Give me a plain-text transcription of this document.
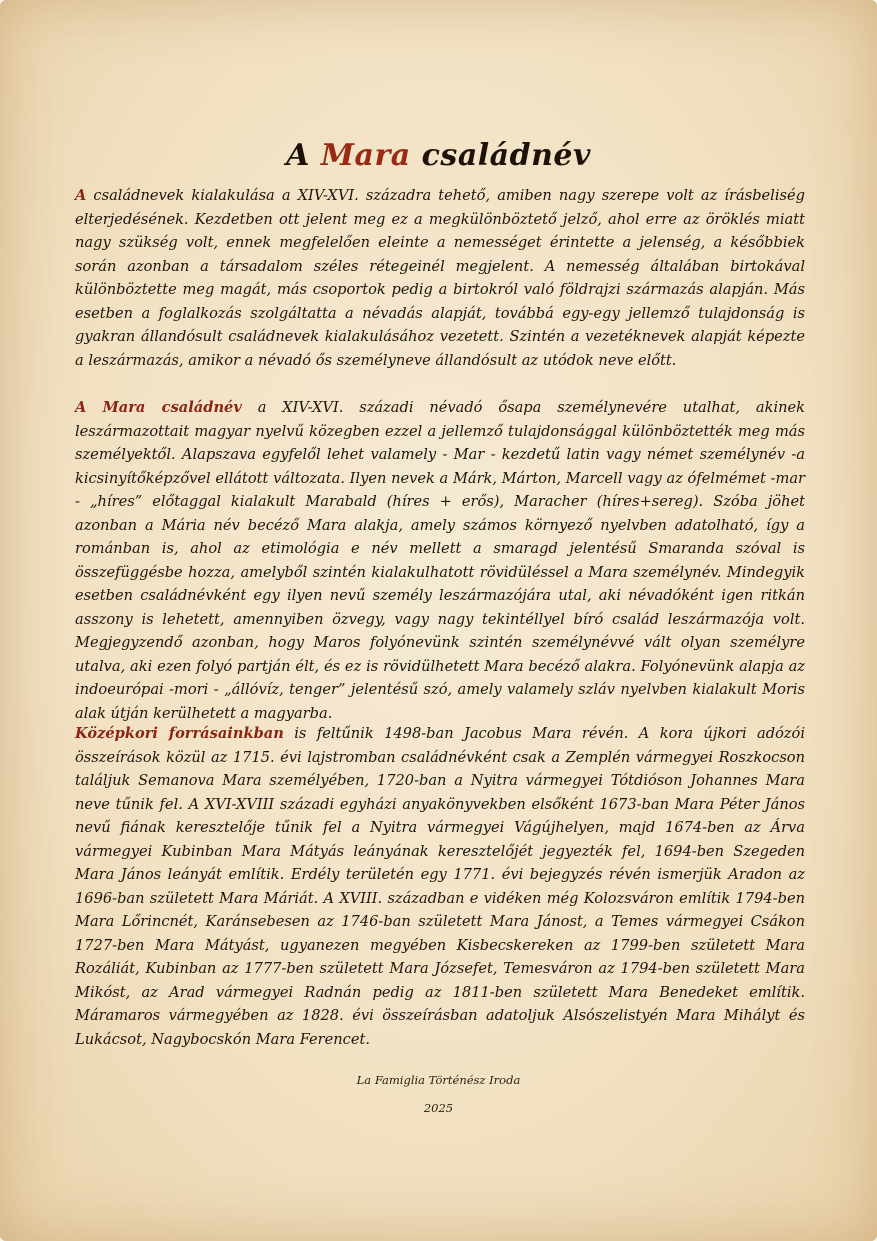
A Mara családnév

A családnevek kialakulása a XIV-XVI. századra tehető, amiben nagy szerepe volt az írásbeliség elterjedésének. Kezdetben ott jelent meg ez a megkülönböztető jelző, ahol erre az öröklés miatt nagy szükség volt, ennek megfelelően eleinte a nemességet érintette a jelenség, a későbbiek során azonban a társadalom széles rétegeinél megjelent. A nemesség általában birtokával különböztette meg magát, más csoportok pedig a birtokról való földrajzi származás alapján. Más esetben a foglalkozás szolgáltatta a névadás alapját, továbbá egy-egy jellemző tulajdonság is gyakran állandósult családnevek kialakulásához vezetett. Szintén a vezetéknevek alapját képezte a leszármazás, amikor a névadó ős személyneve állandósult az utódok neve előtt.

A Mara családnév a XIV-XVI. századi névadó ősapa személynevére utalhat, akinek leszármazottait magyar nyelvű közegben ezzel a jellemző tulajdonsággal különböztették meg más személyektől. Alapszava egyfelől lehet valamely - Mar - kezdetű latin vagy német személynév -a kicsinyítőképzővel ellátott változata. Ilyen nevek a Márk, Márton, Marcell vagy az ófelmémet -mar - „híres” előtaggal kialakult Marabald (híres + erős), Maracher (híres+sereg). Szóba jöhet azonban a Mária név becéző Mara alakja, amely számos környező nyelvben adatolható, így a románban is, ahol az etimológia e név mellett a smaragd jelentésű Smaranda szóval is összefüggésbe hozza, amelyből szintén kialakulhatott rövidüléssel a Mara személynév. Mindegyik esetben családnévként egy ilyen nevű személy leszármazójára utal, aki névadóként igen ritkán asszony is lehetett, amennyiben özvegy, vagy nagy tekintéllyel bíró család leszármazója volt. Megjegyzendő azonban, hogy Maros folyónevünk szintén személynévvé vált olyan személyre utalva, aki ezen folyó partján élt, és ez is rövidülhetett Mara becéző alakra. Folyónevünk alapja az indoeurópai -mori - „állóvíz, tenger” jelentésű szó, amely valamely szláv nyelvben kialakult Moris alak útján kerülhetett a magyarba.

Középkori forrásainkban is feltűnik 1498-ban Jacobus Mara révén. A kora újkori adózói összeírások közül az 1715. évi lajstromban családnévként csak a Zemplén vármegyei Roszkocson találjuk Semanova Mara személyében, 1720-ban a Nyitra vármegyei Tótdióson Johannes Mara neve tűnik fel. A XVI-XVIII századi egyházi anyakönyvekben elsőként 1673-ban Mara Péter János nevű fiának keresztelője tűnik fel a Nyitra vármegyei Vágújhelyen, majd 1674-ben az Árva vármegyei Kubinban Mara Mátyás leányának keresztelőjét jegyezték fel, 1694-ben Szegeden Mara János leányát említik. Erdély területén egy 1771. évi bejegyzés révén ismerjük Aradon az 1696-ban született Mara Máriát. A XVIII. században e vidéken még Kolozsváron említik 1794-ben Mara Lőrincnét, Karánsebesen az 1746-ban született Mara Jánost, a Temes vármegyei Csákon 1727-ben Mara Mátyást, ugyanezen megyében Kisbecskereken az 1799-ben született Mara Rozáliát, Kubinban az 1777-ben született Mara Józsefet, Temesváron az 1794-ben született Mara Mikóst, az Arad vármegyei Radnán pedig az 1811-ben született Mara Benedeket említik. Máramaros vármegyében az 1828. évi összeírásban adatoljuk Alsószelistyén Mara Mihályt és Lukácsot, Nagybocskón Mara Ferencet.

La Famiglia Történész Iroda
2025
